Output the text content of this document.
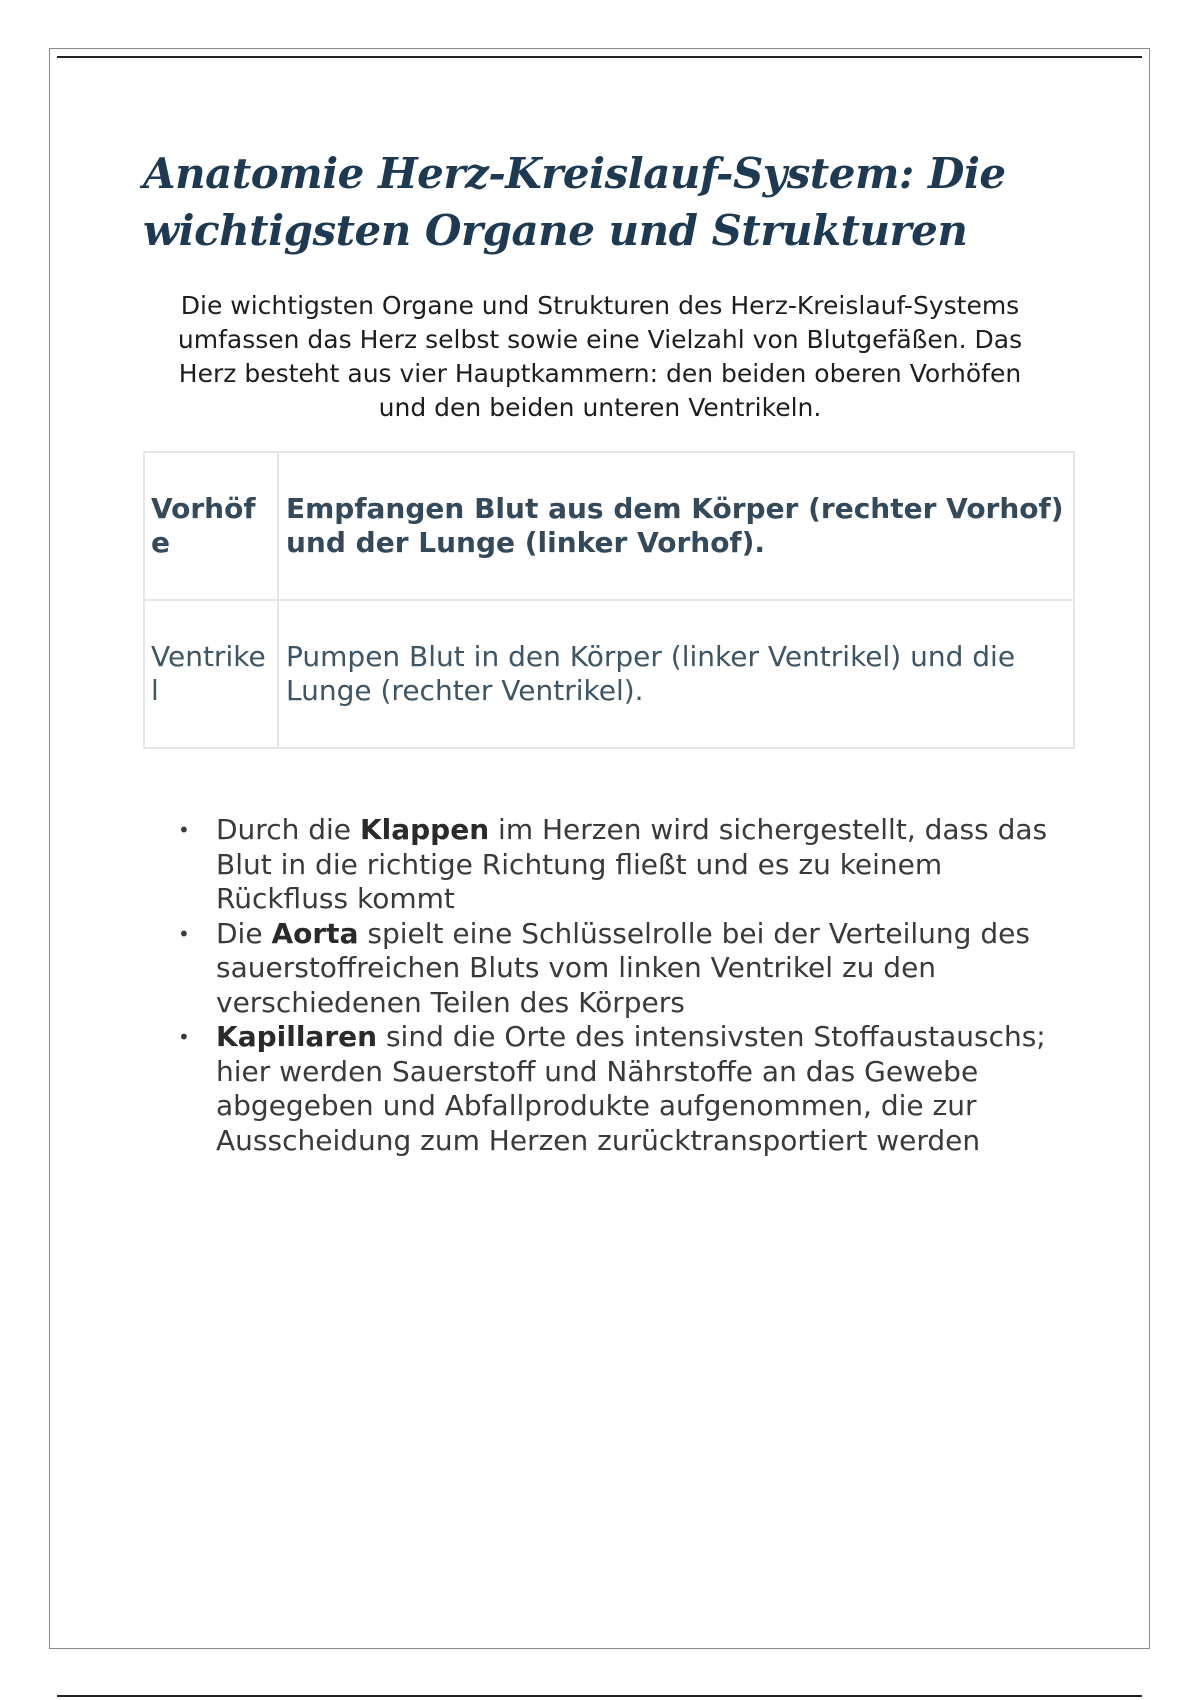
Anatomie Herz-Kreislauf-System: Die wichtigsten Organe und Strukturen

Die wichtigsten Organe und Strukturen des Herz-Kreislauf-Systems umfassen das Herz selbst sowie eine Vielzahl von Blutgefäßen. Das Herz besteht aus vier Hauptkammern: den beiden oberen Vorhöfen und den beiden unteren Ventrikeln.

Vorhöfe	Empfangen Blut aus dem Körper (rechter Vorhof) und der Lunge (linker Vorhof).
Ventrikel	Pumpen Blut in den Körper (linker Ventrikel) und die Lunge (rechter Ventrikel).
• Durch die Klappen im Herzen wird sichergestellt, dass das Blut in die richtige Richtung fließt und es zu keinem Rückfluss kommt
• Die Aorta spielt eine Schlüsselrolle bei der Verteilung des sauerstoffreichen Bluts vom linken Ventrikel zu den verschiedenen Teilen des Körpers
• Kapillaren sind die Orte des intensivsten Stoffaustauschs; hier werden Sauerstoff und Nährstoffe an das Gewebe abgegeben und Abfallprodukte aufgenommen, die zur Ausscheidung zum Herzen zurücktransportiert werden
